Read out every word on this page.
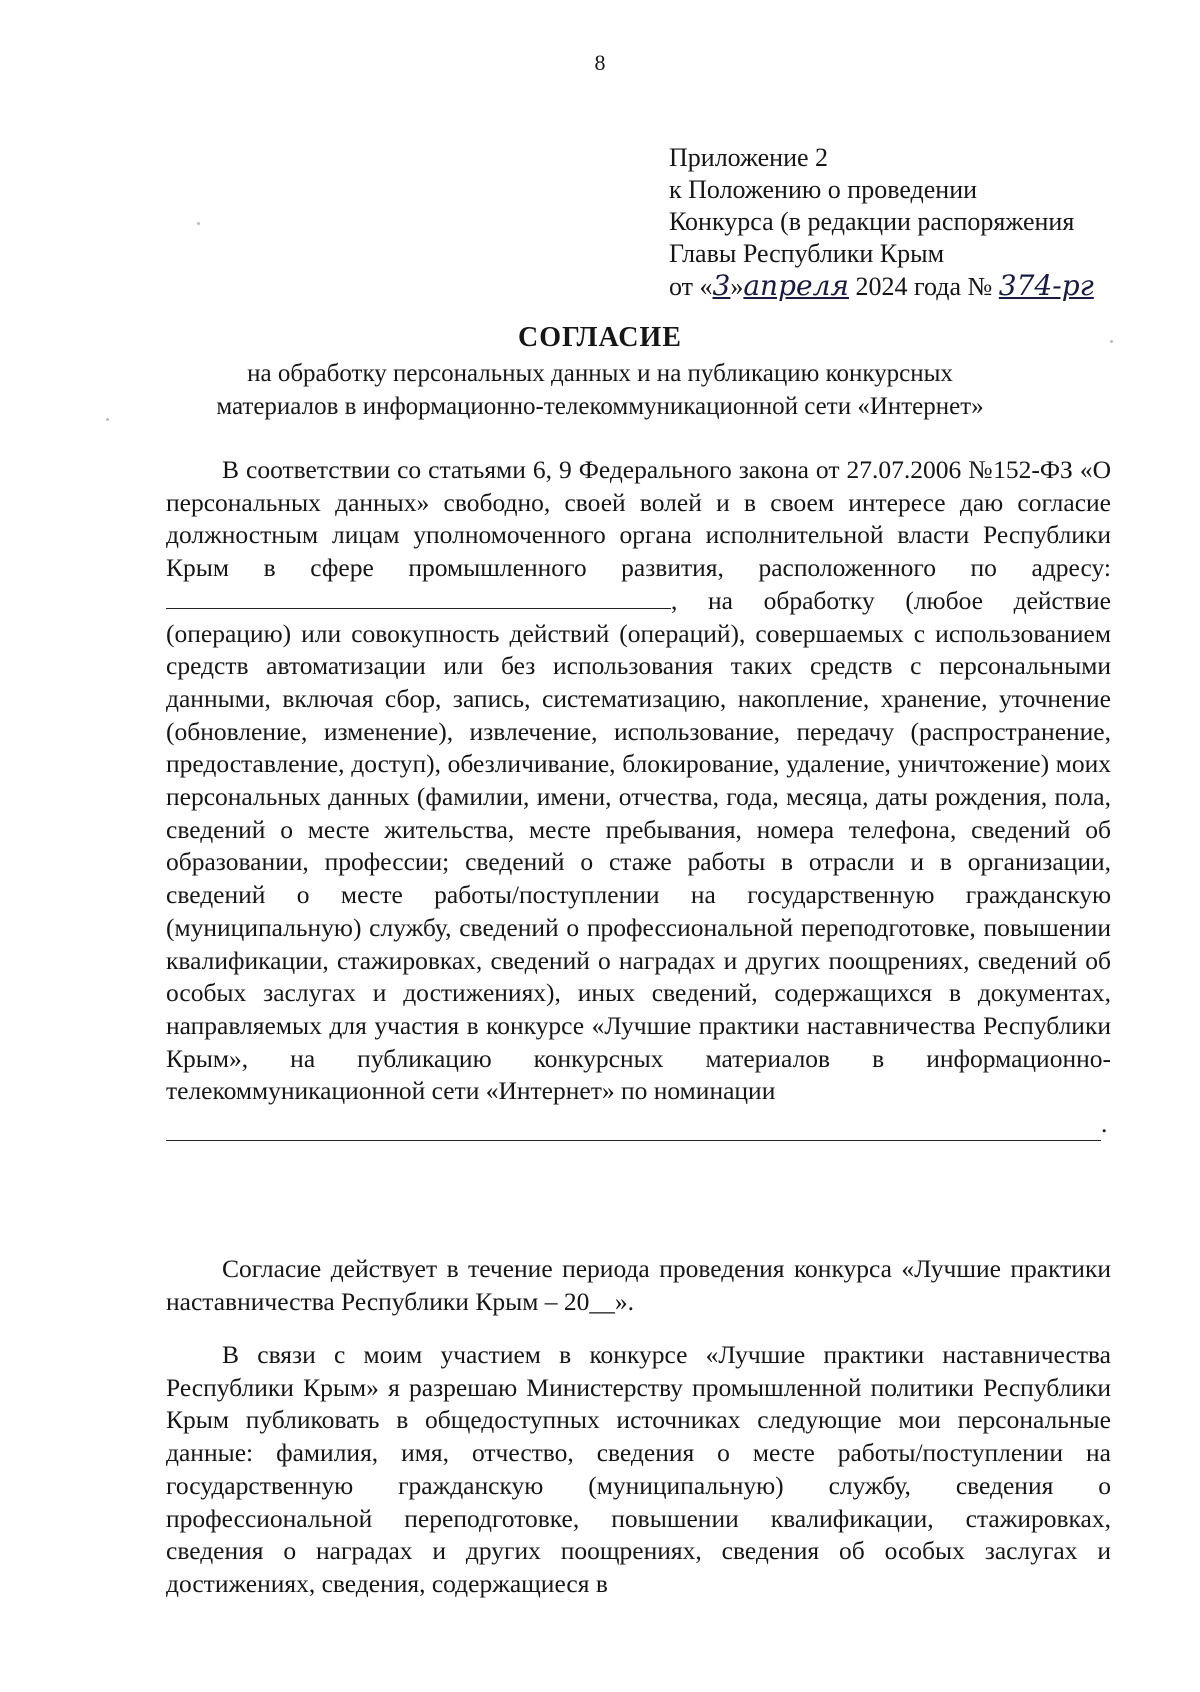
8
Приложение 2
к Положению о проведении
Конкурса (в редакции распоряжения
Главы Республики Крым
от «3»апреля 2024 года № 374-рг
СОГЛАСИЕ
на обработку персональных данных и на публикацию конкурсных
материалов в информационно-телекоммуникационной сети «Интернет»

В соответствии со статьями 6, 9 Федерального закона от 27.07.2006 №152-ФЗ «О персональных данных» свободно, своей волей и в своем интересе даю согласие должностным лицам уполномоченного органа исполнительной власти Республики Крым в сфере промышленного развития, расположенного по адресу: , на обработку (любое действие (операцию) или совокупность действий (операций), совершаемых с использованием средств автоматизации или без использования таких средств с персональными данными, включая сбор, запись, систематизацию, накопление, хранение, уточнение (обновление, изменение), извлечение, использование, передачу (распространение, предоставление, доступ), обезличивание, блокирование, удаление, уничтожение) моих персональных данных (фамилии, имени, отчества, года, месяца, даты рождения, пола, сведений о месте жительства, месте пребывания, номера телефона, сведений об образовании, профессии; сведений о стаже работы в отрасли и в организации, сведений о месте работы/поступлении на государственную гражданскую (муниципальную) службу, сведений о профессиональной переподготовке, повышении квалификации, стажировках, сведений о наградах и других поощрениях, сведений об особых заслугах и достижениях), иных сведений, содержащихся в документах, направляемых для участия в конкурсе «Лучшие практики наставничества Республики Крым», на публикацию конкурсных материалов в информационно-телекоммуникационной сети «Интернет» по номинации

.

Согласие действует в течение периода проведения конкурса «Лучшие практики наставничества Республики Крым – 20__».

В связи с моим участием в конкурсе «Лучшие практики наставничества Республики Крым» я разрешаю Министерству промышленной политики Республики Крым публиковать в общедоступных источниках следующие мои персональные данные: фамилия, имя, отчество, сведения о месте работы/поступлении на государственную гражданскую (муниципальную) службу, сведения о профессиональной переподготовке, повышении квалификации, стажировках, сведения о наградах и других поощрениях, сведения об особых заслугах и достижениях, сведения, содержащиеся в
